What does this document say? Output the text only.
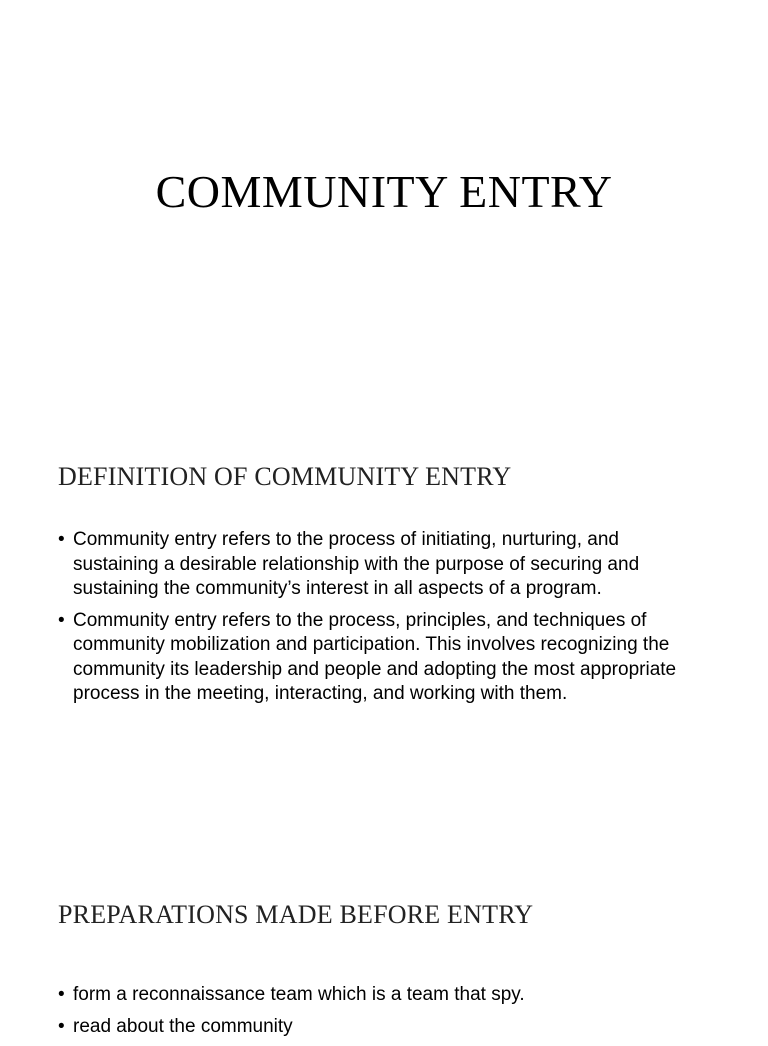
COMMUNITY ENTRY
DEFINITION OF COMMUNITY ENTRY
• Community entry refers to the process of initiating, nurturing, and sustaining a desirable relationship with the purpose of securing and sustaining the community’s interest in all aspects of a program.
• Community entry refers to the process, principles, and techniques of community mobilization and participation. This involves recognizing the community its leadership and people and adopting the most appropriate process in the meeting, interacting, and working with them.
PREPARATIONS MADE BEFORE ENTRY
• form a reconnaissance team which is a team that spy.
• read about the community
